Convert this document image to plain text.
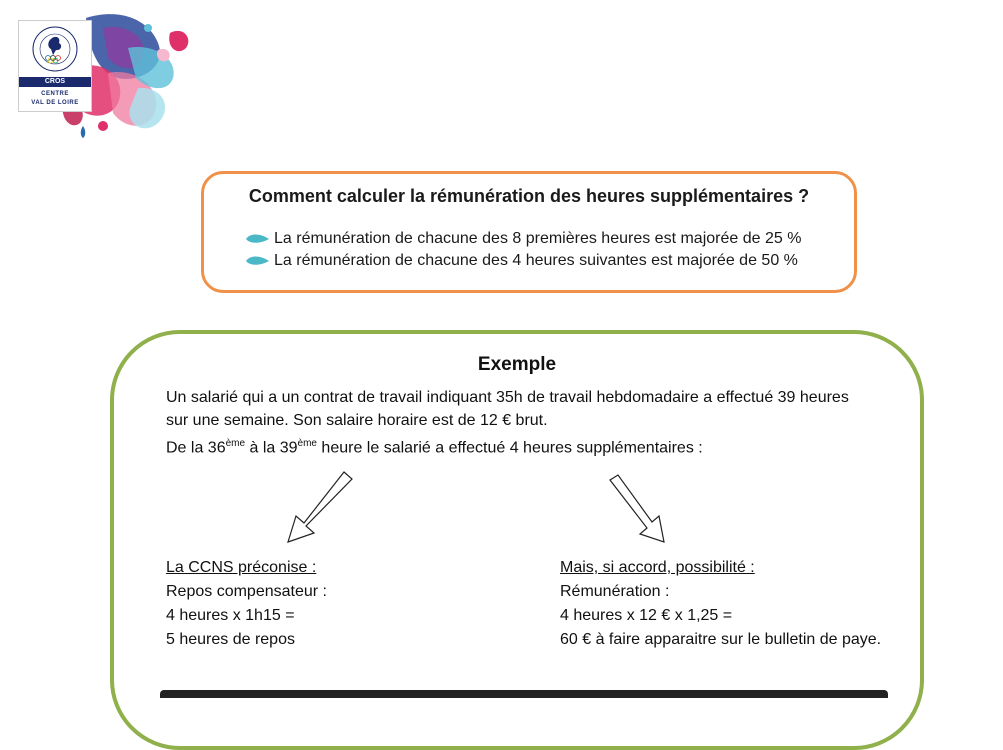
CROS
CENTRE
VAL DE LOIRE
Comment calculer la rémunération des heures supplémentaires ?
La rémunération de chacune des 8 premières heures est majorée de 25 %
La rémunération de chacune des 4 heures suivantes est majorée de 50 %
Exemple
Un salarié qui a un contrat de travail indiquant 35h de travail hebdomadaire a effectué 39 heures
sur une semaine. Son salaire horaire est de 12 € brut.
De la 36ème à la 39ème heure le salarié a effectué 4 heures supplémentaires :
La CCNS préconise :
Repos compensateur :
4 heures x 1h15 =
5 heures de repos
Mais, si accord, possibilité :
Rémunération :
4 heures x 12 € x 1,25 =
60 € à faire apparaitre sur le bulletin de paye.
